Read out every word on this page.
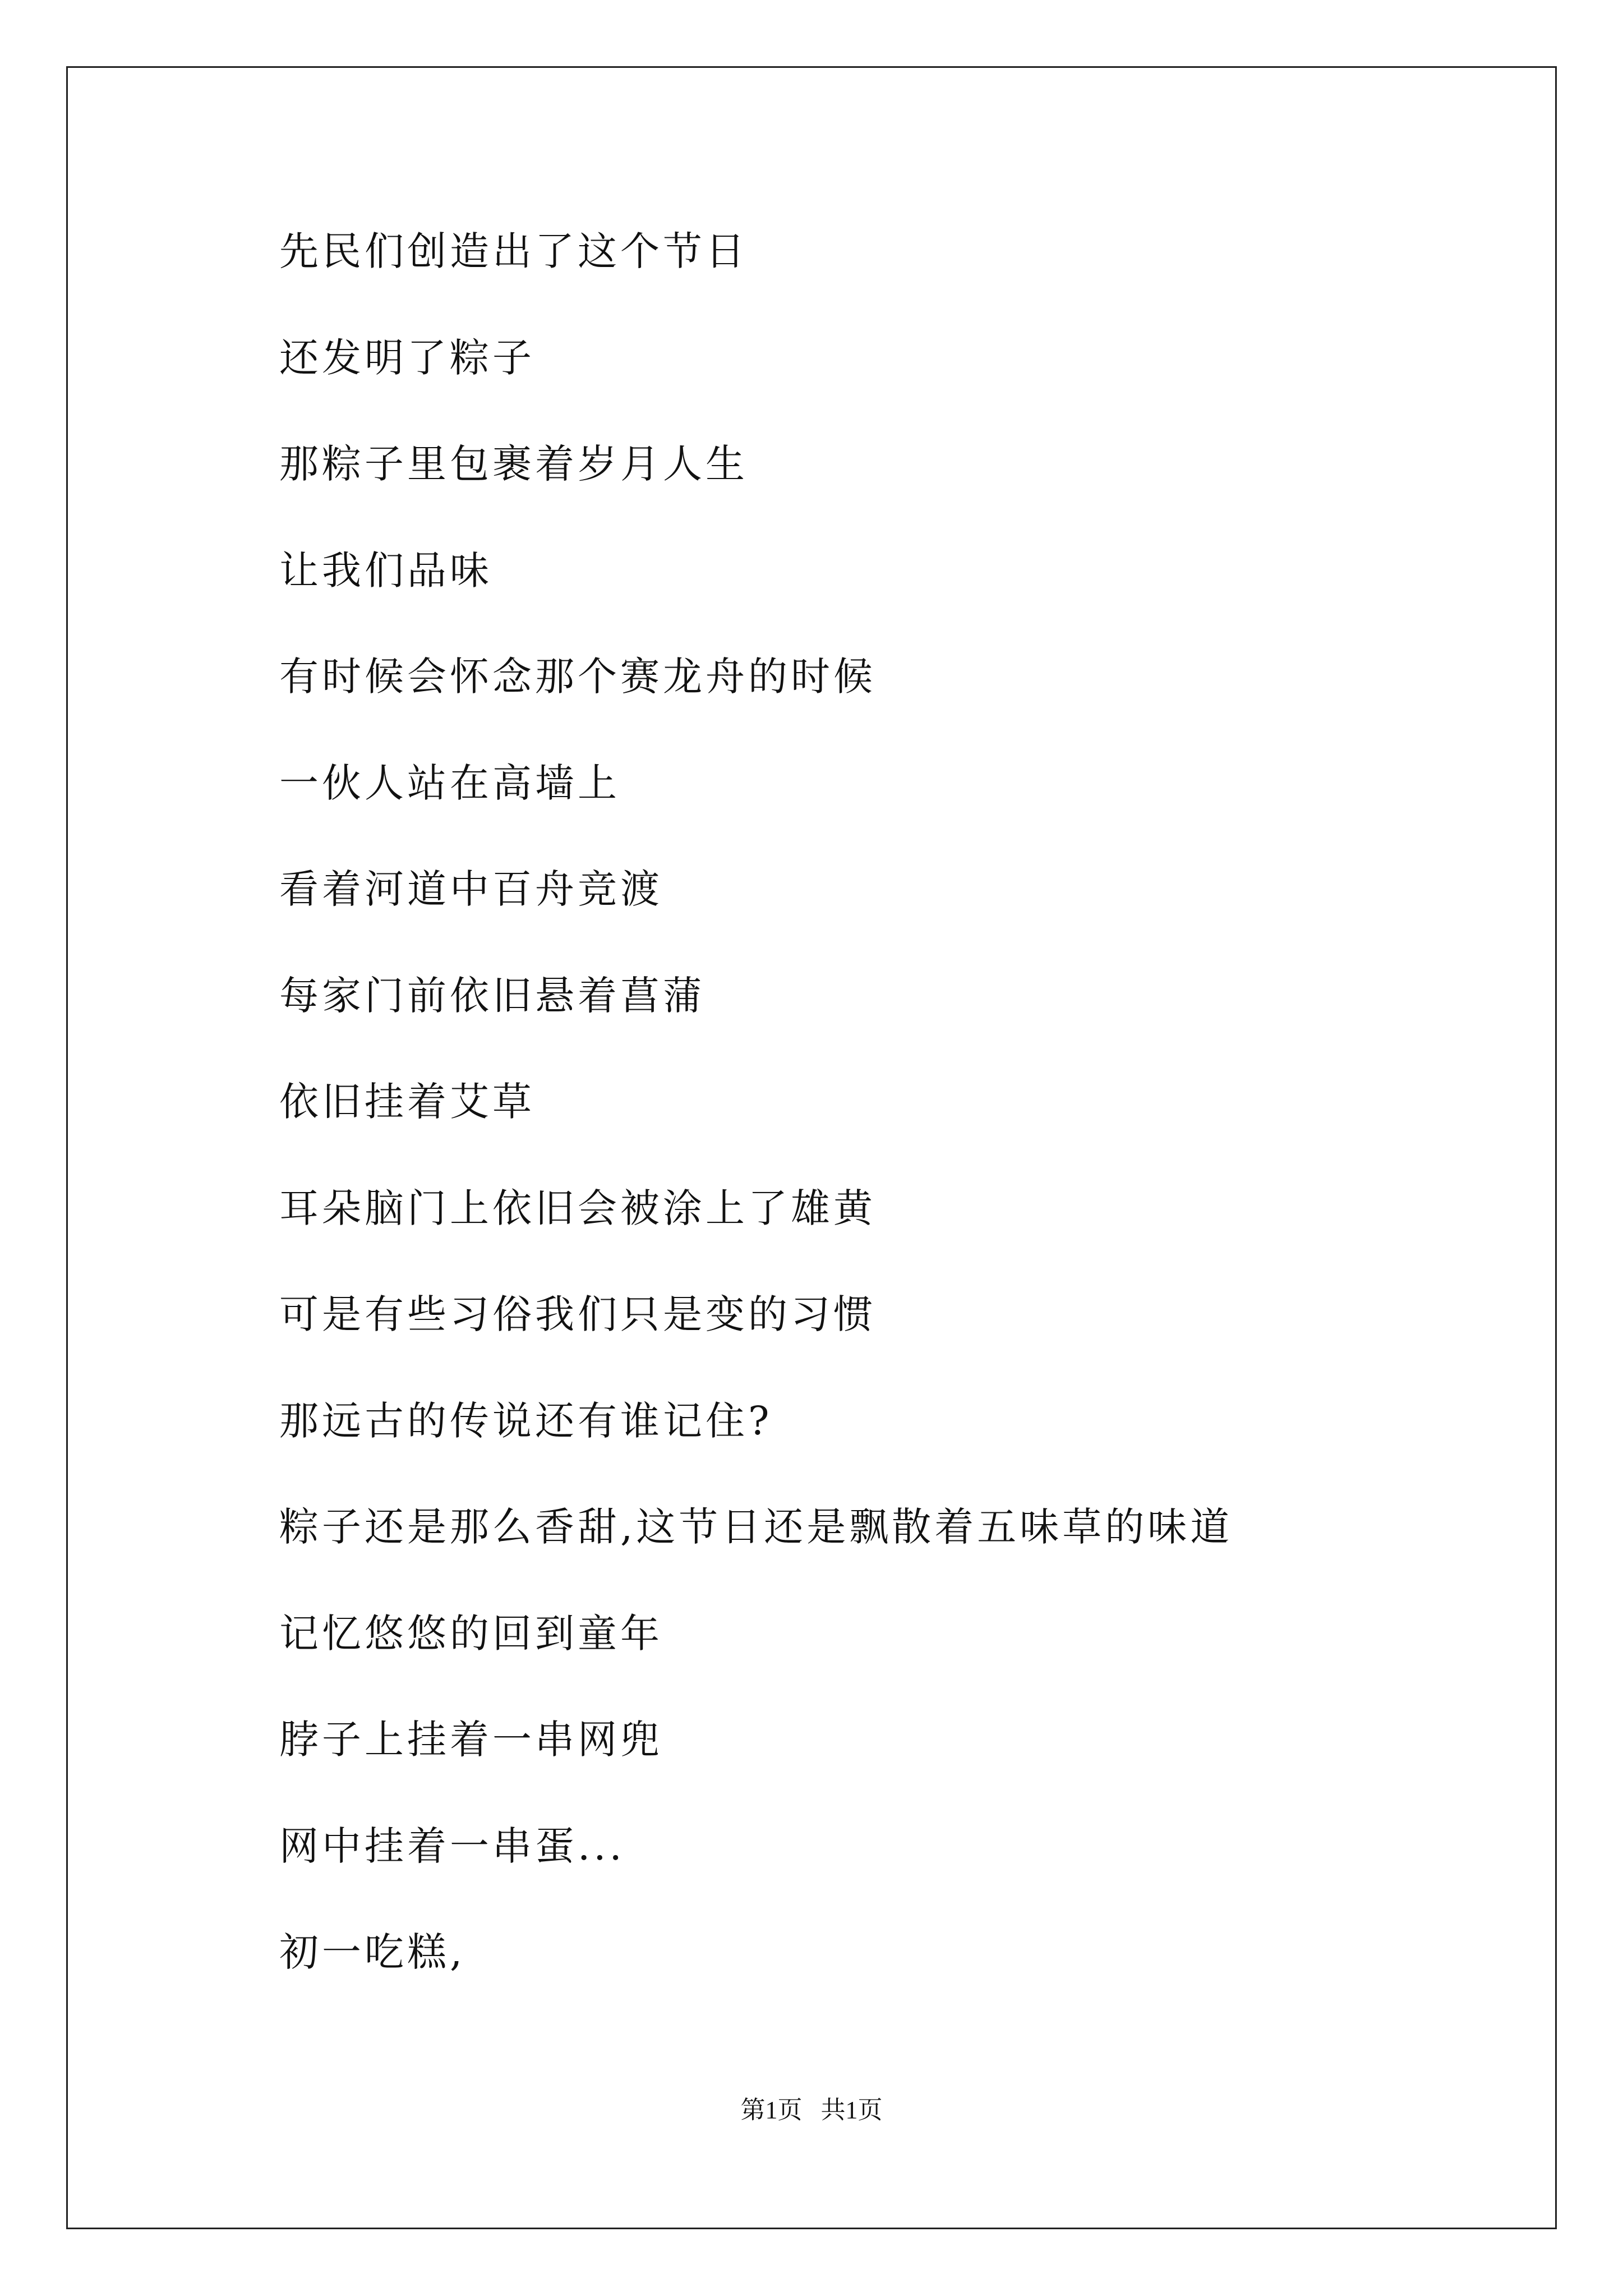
先民们创造出了这个节日
还发明了粽子
那粽子里包裹着岁月人生
让我们品味
有时候会怀念那个赛龙舟的时候
一伙人站在高墙上
看着河道中百舟竞渡
每家门前依旧悬着菖蒲
依旧挂着艾草
耳朵脑门上依旧会被涂上了雄黄
可是有些习俗我们只是变的习惯
那远古的传说还有谁记住?
粽子还是那么香甜,这节日还是飘散着五味草的味道
记忆悠悠的回到童年
脖子上挂着一串网兜
网中挂着一串蛋...
初一吃糕,
第1页   共1页
